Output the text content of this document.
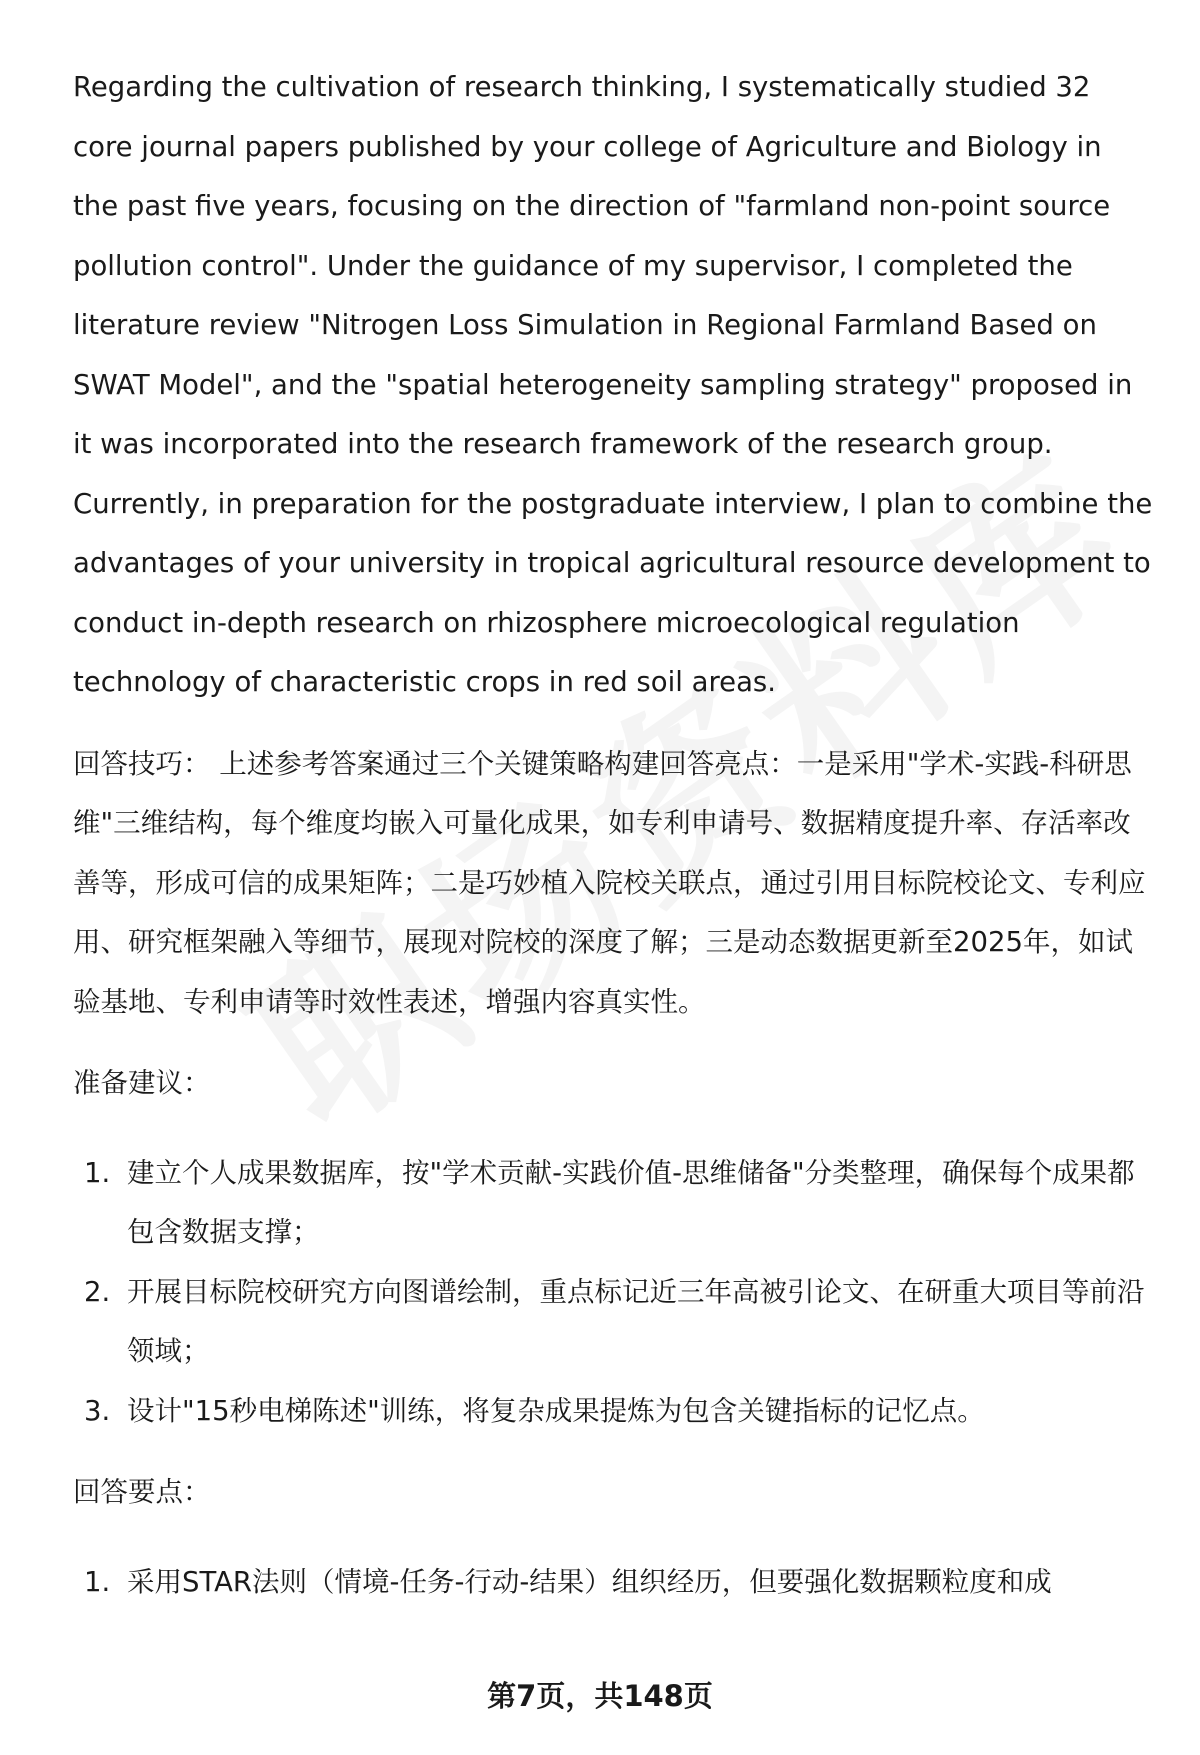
Regarding the cultivation of research thinking, I systematically studied 32 core journal papers published by your college of Agriculture and Biology in the past five years, focusing on the direction of "farmland non-point source pollution control". Under the guidance of my supervisor, I completed the literature review "Nitrogen Loss Simulation in Regional Farmland Based on SWAT Model", and the "spatial heterogeneity sampling strategy" proposed in it was incorporated into the research framework of the research group. Currently, in preparation for the postgraduate interview, I plan to combine the advantages of your university in tropical agricultural resource development to conduct in-depth research on rhizosphere microecological regulation technology of characteristic crops in red soil areas.

回答技巧： 上述参考答案通过三个关键策略构建回答亮点：一是采用"学术-实践-科研思维"三维结构，每个维度均嵌入可量化成果，如专利申请号、数据精度提升率、存活率改善等，形成可信的成果矩阵；二是巧妙植入院校关联点，通过引用目标院校论文、专利应用、研究框架融入等细节，展现对院校的深度了解；三是动态数据更新至2025年，如试验基地、专利申请等时效性表述，增强内容真实性。

准备建议：
1. 建立个人成果数据库，按"学术贡献-实践价值-思维储备"分类整理，确保每个成果都包含数据支撑；
2. 开展目标院校研究方向图谱绘制，重点标记近三年高被引论文、在研重大项目等前沿领域；
3. 设计"15秒电梯陈述"训练，将复杂成果提炼为包含关键指标的记忆点。
回答要点：
1. 采用STAR法则（情境-任务-行动-结果）组织经历，但要强化数据颗粒度和成
第7页，共148页
